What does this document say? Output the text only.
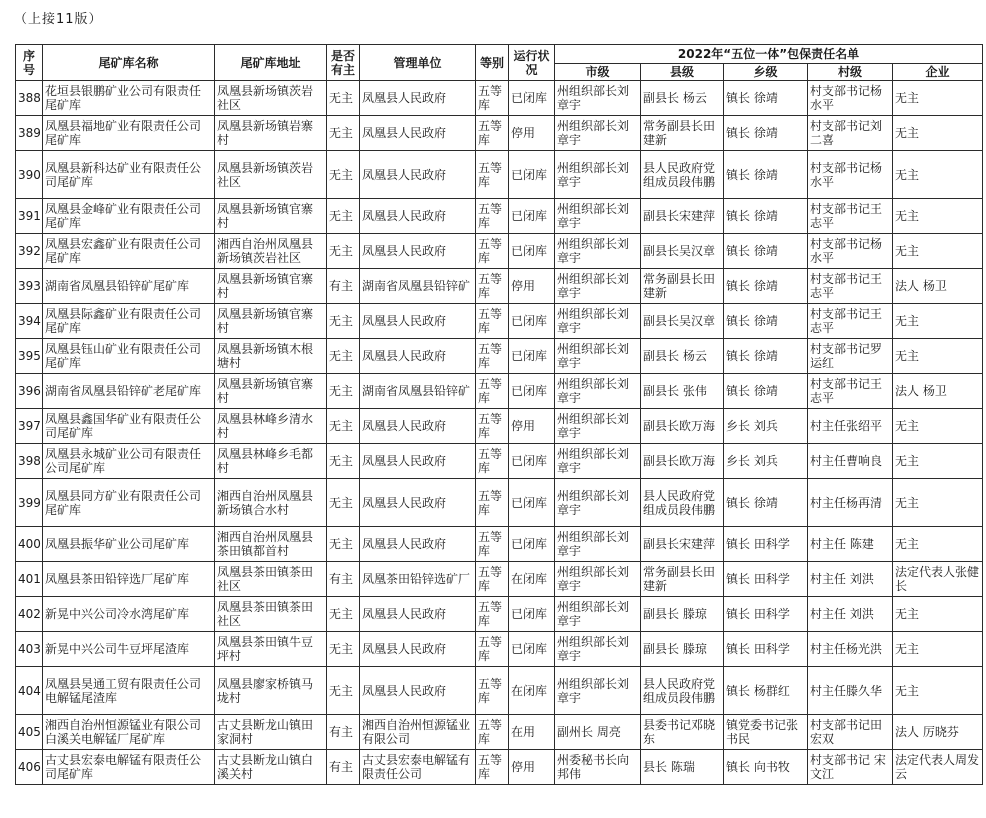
（上接11版）
序号	尾矿库名称	尾矿库地址	是否有主	管理单位	等别	运行状况	2022年“五位一体”包保责任名单				
							市级	县级	乡级	村级	企业
388	花垣县银鹏矿业公司有限责任尾矿库	凤凰县新场镇茨岩社区	无主	凤凰县人民政府	五等库	已闭库	州组织部长刘章宇	副县长 杨云	镇长 徐靖	村支部书记杨水平	无主
389	凤凰县福地矿业有限责任公司尾矿库	凤凰县新场镇岩寨村	无主	凤凰县人民政府	五等库	停用	州组织部长刘章宇	常务副县长田建新	镇长 徐靖	村支部书记刘二喜	无主
390	凤凰县新科达矿业有限责任公司尾矿库	凤凰县新场镇茨岩社区	无主	凤凰县人民政府	五等库	已闭库	州组织部长刘章宇	县人民政府党组成员段伟鹏	镇长 徐靖	村支部书记杨水平	无主
391	凤凰县金峰矿业有限责任公司尾矿库	凤凰县新场镇官寨村	无主	凤凰县人民政府	五等库	已闭库	州组织部长刘章宇	副县长宋建萍	镇长 徐靖	村支部书记王志平	无主
392	凤凰县宏鑫矿业有限责任公司尾矿库	湘西自治州凤凰县新场镇茨岩社区	无主	凤凰县人民政府	五等库	已闭库	州组织部长刘章宇	副县长吴汉章	镇长 徐靖	村支部书记杨水平	无主
393	湖南省凤凰县铅锌矿尾矿库	凤凰县新场镇官寨村	有主	湖南省凤凰县铅锌矿	五等库	停用	州组织部长刘章宇	常务副县长田建新	镇长 徐靖	村支部书记王志平	法人 杨卫
394	凤凰县际鑫矿业有限责任公司尾矿库	凤凰县新场镇官寨村	无主	凤凰县人民政府	五等库	已闭库	州组织部长刘章宇	副县长吴汉章	镇长 徐靖	村支部书记王志平	无主
395	凤凰县钰山矿业有限责任公司尾矿库	凤凰县新场镇木根塘村	无主	凤凰县人民政府	五等库	已闭库	州组织部长刘章宇	副县长 杨云	镇长 徐靖	村支部书记罗运红	无主
396	湖南省凤凰县铅锌矿老尾矿库	凤凰县新场镇官寨村	无主	湖南省凤凰县铅锌矿	五等库	已闭库	州组织部长刘章宇	副县长 张伟	镇长 徐靖	村支部书记王志平	法人 杨卫
397	凤凰县鑫国华矿业有限责任公司尾矿库	凤凰县林峰乡清水村	无主	凤凰县人民政府	五等库	停用	州组织部长刘章宇	副县长欧万海	乡长 刘兵	村主任张绍平	无主
398	凤凰县永城矿业公司有限责任公司尾矿库	凤凰县林峰乡毛都村	无主	凤凰县人民政府	五等库	已闭库	州组织部长刘章宇	副县长欧万海	乡长 刘兵	村主任曹响良	无主
399	凤凰县同方矿业有限责任公司尾矿库	湘西自治州凤凰县新场镇合水村	无主	凤凰县人民政府	五等库	已闭库	州组织部长刘章宇	县人民政府党组成员段伟鹏	镇长 徐靖	村主任杨再清	无主
400	凤凰县振华矿业公司尾矿库	湘西自治州凤凰县茶田镇都首村	无主	凤凰县人民政府	五等库	已闭库	州组织部长刘章宇	副县长宋建萍	镇长 田科学	村主任 陈建	无主
401	凤凰县茶田铅锌选厂尾矿库	凤凰县茶田镇茶田社区	有主	凤凰茶田铅锌选矿厂	五等库	在闭库	州组织部长刘章宇	常务副县长田建新	镇长 田科学	村主任 刘洪	法定代表人张健长
402	新晃中兴公司冷水湾尾矿库	凤凰县茶田镇茶田社区	无主	凤凰县人民政府	五等库	已闭库	州组织部长刘章宇	副县长 滕琼	镇长 田科学	村主任 刘洪	无主
403	新晃中兴公司牛豆坪尾渣库	凤凰县茶田镇牛豆坪村	无主	凤凰县人民政府	五等库	已闭库	州组织部长刘章宇	副县长 滕琼	镇长 田科学	村主任杨光洪	无主
404	凤凰县昊通工贸有限责任公司电解锰尾渣库	凤凰县廖家桥镇马垅村	无主	凤凰县人民政府	五等库	在闭库	州组织部长刘章宇	县人民政府党组成员段伟鹏	镇长 杨群红	村主任滕久华	无主
405	湘西自治州恒源锰业有限公司白溪关电解锰厂尾矿库	古丈县断龙山镇田家洞村	有主	湘西自治州恒源锰业有限公司	五等库	在用	副州长 周亮	县委书记邓晓东	镇党委书记张书民	村支部书记田宏双	法人 厉晓芬
406	古丈县宏泰电解锰有限责任公司尾矿库	古丈县断龙山镇白溪关村	有主	古丈县宏泰电解锰有限责任公司	五等库	停用	州委秘书长向邦伟	县长 陈瑞	镇长 向书牧	村支部书记 宋文江	法定代表人周发云
